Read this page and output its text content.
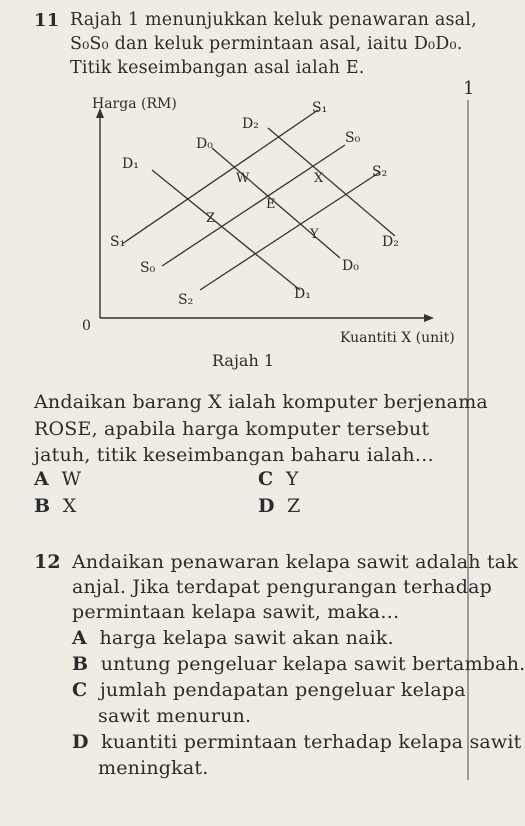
1
11 Rajah 1 menunjukkan keluk penawaran asal,
S₀S₀ dan keluk permintaan asal, iaitu D₀D₀.
Titik keseimbangan asal ialah E.
Harga (RM)
Kuantiti X (unit)
0
D₂
D₀
D₁
S₁
S₀
S₂
S₁
S₀
S₂
D₂
D₀
D₁
W	X
E
Z
Y
Rajah 1
Andaikan barang X ialah komputer berjenama
ROSE, apabila harga komputer tersebut
jatuh, titik keseimbangan baharu ialah…
A W	C Y
B X	D Z
12 Andaikan penawaran kelapa sawit adalah tak
anjal. Jika terdapat pengurangan terhadap
permintaan kelapa sawit, maka…
A harga kelapa sawit akan naik.
B untung pengeluar kelapa sawit bertambah.
C jumlah pendapatan pengeluar kelapa
sawit menurun.
D kuantiti permintaan terhadap kelapa sawit
meningkat.
